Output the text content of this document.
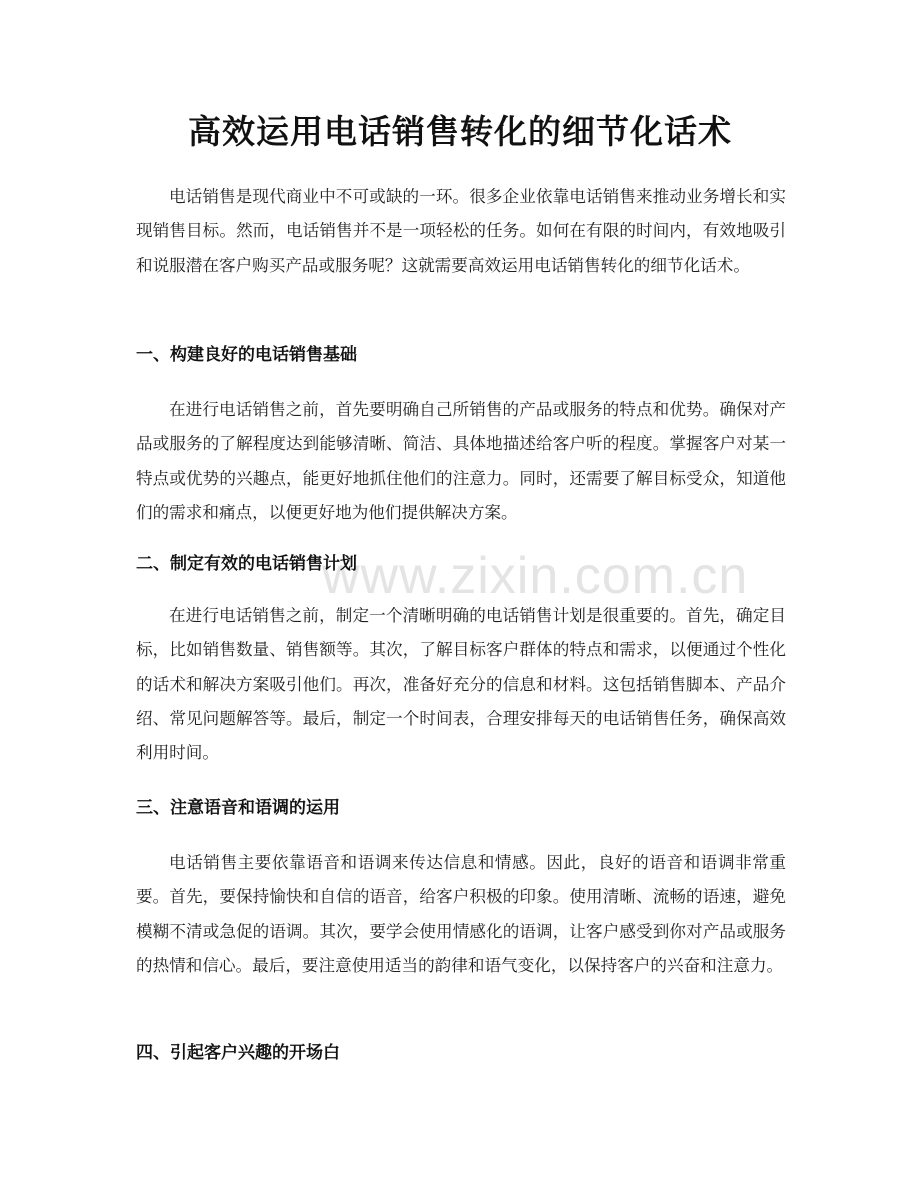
www.zixin.com.cn
高效运用电话销售转化的细节化话术

电话销售是现代商业中不可或缺的一环。很多企业依靠电话销售来推动业务增长和实现销售目标。然而，电话销售并不是一项轻松的任务。如何在有限的时间内，有效地吸引和说服潜在客户购买产品或服务呢？这就需要高效运用电话销售转化的细节化话术。

一、构建良好的电话销售基础

在进行电话销售之前，首先要明确自己所销售的产品或服务的特点和优势。确保对产品或服务的了解程度达到能够清晰、简洁、具体地描述给客户听的程度。掌握客户对某一特点或优势的兴趣点，能更好地抓住他们的注意力。同时，还需要了解目标受众，知道他们的需求和痛点，以便更好地为他们提供解决方案。

二、制定有效的电话销售计划

在进行电话销售之前，制定一个清晰明确的电话销售计划是很重要的。首先，确定目标，比如销售数量、销售额等。其次，了解目标客户群体的特点和需求，以便通过个性化的话术和解决方案吸引他们。再次，准备好充分的信息和材料。这包括销售脚本、产品介绍、常见问题解答等。最后，制定一个时间表，合理安排每天的电话销售任务，确保高效利用时间。

三、注意语音和语调的运用

电话销售主要依靠语音和语调来传达信息和情感。因此，良好的语音和语调非常重要。首先，要保持愉快和自信的语音，给客户积极的印象。使用清晰、流畅的语速，避免模糊不清或急促的语调。其次，要学会使用情感化的语调，让客户感受到你对产品或服务的热情和信心。最后，要注意使用适当的韵律和语气变化，以保持客户的兴奋和注意力。

四、引起客户兴趣的开场白
